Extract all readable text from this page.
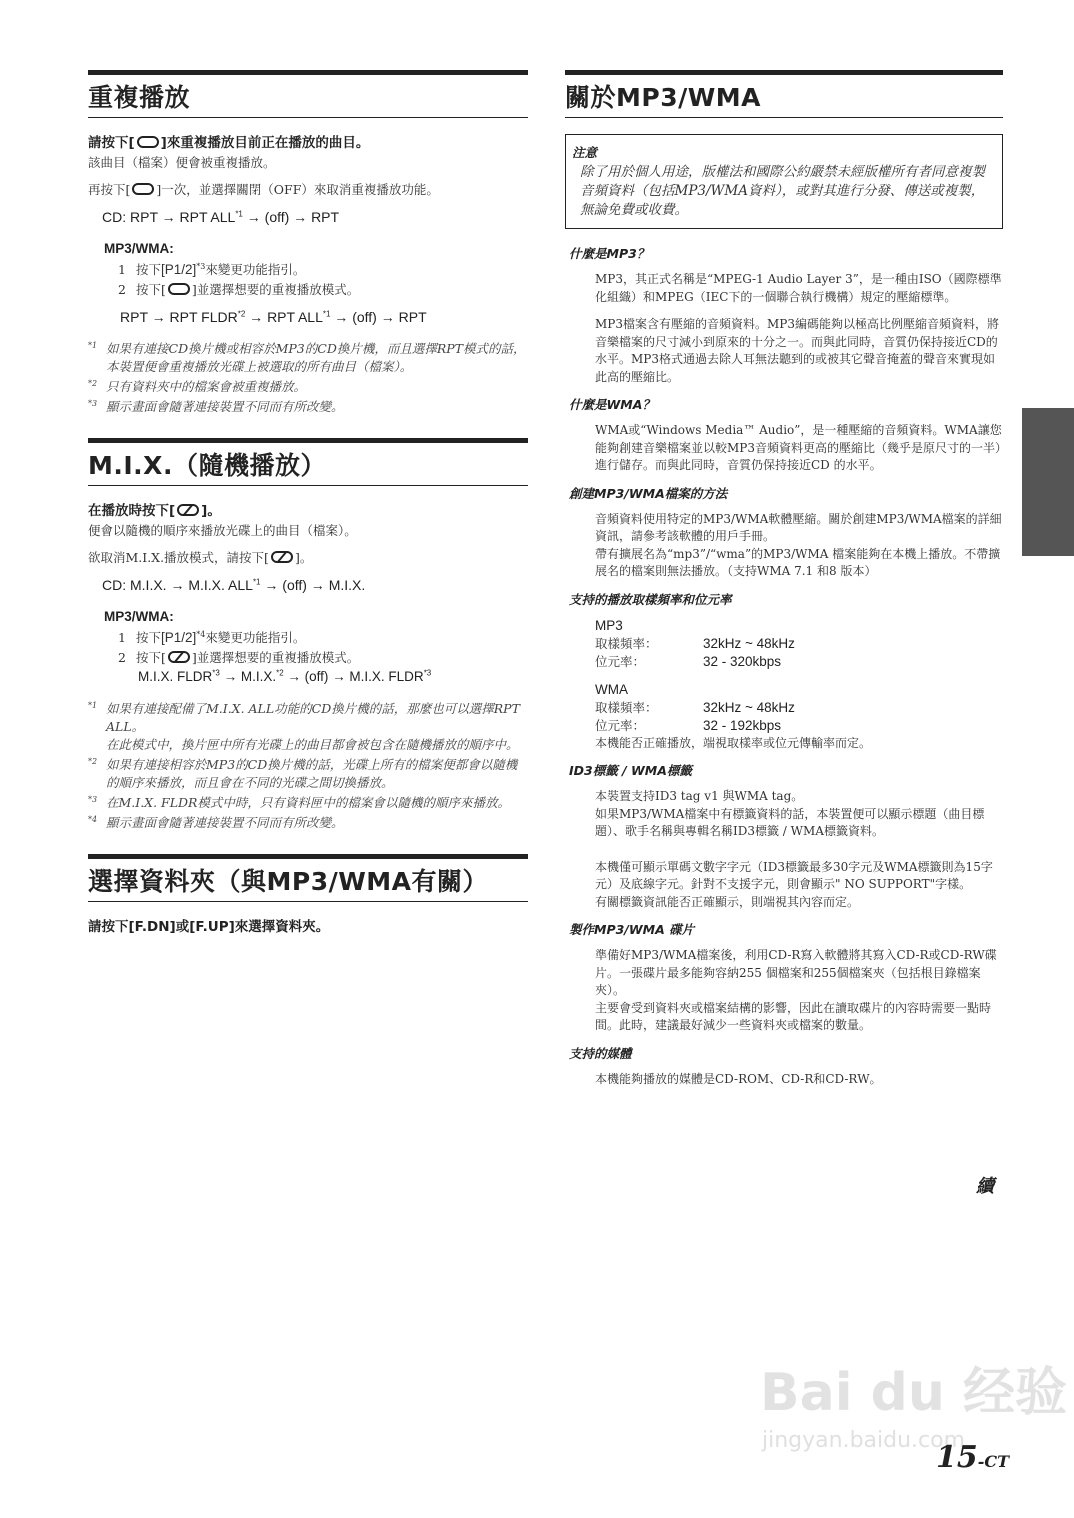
重複播放
請按下[ ]來重複播放目前正在播放的曲目。
該曲目（檔案）便會被重複播放。
再按下[ ]一次，並選擇關閉（OFF）來取消重複播放功能。
CD: RPT → RPT $ALL^{*1} \to (off)$ → RPT
MP3/WMA:
1 按下$[P1/2]^{*3}$來變更功能指引。
2 按下[ ]並選擇想要的重複播放模式。
RPT → RPT $FLDR^{*2}$ → RPT $ALL^{*1} \to (off)$ → RPT
*1 如果有連接CD換片機或相容於MP3的CD換片機，而且選擇RPT模式的話，本裝置便會重複播放光碟上被選取的所有曲目（檔案）。
*2 只有資料夾中的檔案會被重複播放。
*3 顯示畫面會隨著連接裝置不同而有所改變。
M.I.X.（隨機播放）
在播放時按下[ ]。
便會以隨機的順序來播放光碟上的曲目（檔案）。
欲取消M.I.X.播放模式，請按下[ ]。
CD: M.I.X. → M.I.X. $ALL^{*1} \to (off) \to M.I.X$.
MP3/WMA:
1 按下$[P1/2]^{*4}$來變更功能指引。
2 按下[ ]並選擇想要的重複播放模式。
M.I.X. $FLDR^{*3} \to M.I.X.^{*2} \to (off) \to M.I.X$. FLDR$^{*3}$
*1 如果有連接配備了M.I.X. ALL功能的CD換片機的話，那麼也可以選擇RPT ALL。
在此模式中，換片匣中所有光碟上的曲目都會被包含在隨機播放的順序中。
*2 如果有連接相容於MP3的CD換片機的話，光碟上所有的檔案便都會以隨機的順序來播放，而且會在不同的光碟之間切換播放。
*3 在M.I.X. FLDR模式中時，只有資料匣中的檔案會以隨機的順序來播放。
*4 顯示畫面會隨著連接裝置不同而有所改變。
選擇資料夾（與MP3/WMA有關）
請按下[F.DN]或[F.UP]來選擇資料夾。
關於MP3/WMA
注意
除了用於個人用途，版權法和國際公約嚴禁未經版權所有者同意複製音頻資料（包括MP3/WMA資料），或對其進行分發、傳送或複製，無論免費或收費。
什麼是MP3？
MP3，其正式名稱是“MPEG-1 Audio Layer 3”，是一種由ISO（國際標準化組織）和MPEG（IEC下的一個聯合執行機構）規定的壓縮標準。
MP3檔案含有壓縮的音頻資料。MP3編碼能夠以極高比例壓縮音頻資料，將音樂檔案的尺寸減小到原來的十分之一。而與此同時，音質仍保持接近CD的水平。MP3格式通過去除人耳無法聽到的或被其它聲音掩蓋的聲音來實現如此高的壓縮比。
什麼是WMA？
WMA或“Windows Media™ Audio”，是一種壓縮的音頻資料。WMA讓您能夠創建音樂檔案並以較MP3音頻資料更高的壓縮比（幾乎是原尺寸的一半）進行儲存。而與此同時，音質仍保持接近CD 的水平。
創建MP3/WMA檔案的方法
音頻資料使用特定的MP3/WMA軟體壓縮。關於創建MP3/WMA檔案的詳細資訊，請參考該軟體的用戶手冊。
帶有擴展名為“mp3”/“wma”的MP3/WMA 檔案能夠在本機上播放。不帶擴展名的檔案則無法播放。（支持WMA 7.1 和8 版本）
支持的播放取樣頻率和位元率
MP3
取樣頻率：	32kHz ~ 48kHz
位元率：	32 - 320kbps
WMA
取樣頻率：	32kHz ~ 48kHz
位元率：	32 - 192kbps
本機能否正確播放，端視取樣率或位元傳輸率而定。
ID3標籤 / WMA標籤
本裝置支持ID3 tag v1 與WMA tag。
如果MP3/WMA檔案中有標籤資料的話，本裝置便可以顯示標題（曲目標題）、歌手名稱與專輯名稱ID3標籤 / WMA標籤資料。
本機僅可顯示單碼文數字字元（ID3標籤最多30字元及WMA標籤則為15字元）及底線字元。針對不支援字元，則會顯示" NO SUPPORT"字樣。
有關標籤資訊能否正確顯示，則端視其內容而定。
製作MP3/WMA 碟片
準備好MP3/WMA檔案後，利用CD-R寫入軟體將其寫入CD-R或CD-RW碟片。一張碟片最多能夠容納255 個檔案和255個檔案夾（包括根目錄檔案夾）。
主要會受到資料夾或檔案結構的影響，因此在讀取碟片的內容時需要一點時間。此時，建議最好減少一些資料夾或檔案的數量。
支持的媒體
本機能夠播放的媒體是CD-ROM、CD-R和CD-RW。
續
Bai du 经验
jingyan.baidu.com
15-CT
